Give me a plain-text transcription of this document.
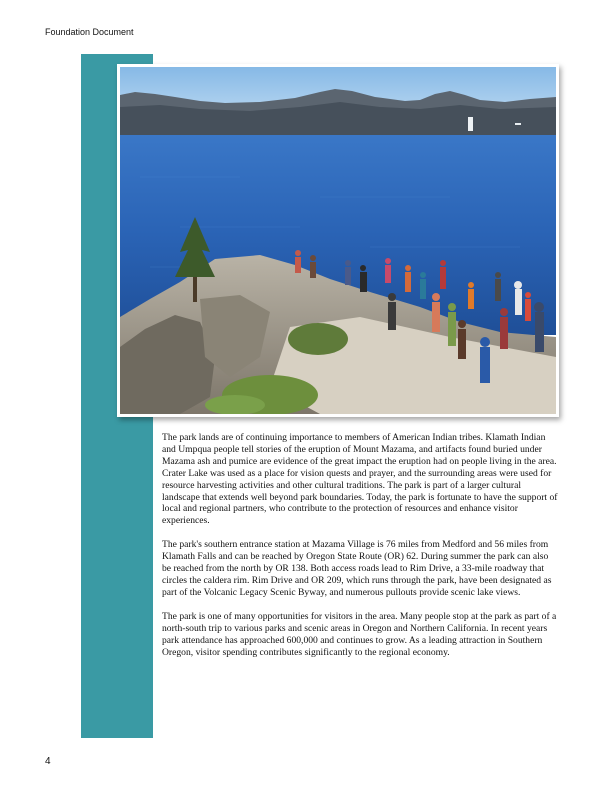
Foundation Document

The park lands are of continuing importance to members of American Indian tribes. Klamath Indian and Umpqua people tell stories of the eruption of Mount Mazama, and artifacts found buried under Mazama ash and pumice are evidence of the great impact the eruption had on people living in the area. Crater Lake was used as a place for vision quests and prayer, and the surrounding areas were used for resource harvesting activities and other cultural traditions. The park is part of a larger cultural landscape that extends well beyond park boundaries. Today, the park is fortunate to have the support of local and regional partners, who contribute to the protection of resources and enhance visitor experiences.

The park's southern entrance station at Mazama Village is 76 miles from Medford and 56 miles from Klamath Falls and can be reached by Oregon State Route (OR) 62. During summer the park can also be reached from the north by OR 138. Both access roads lead to Rim Drive, a 33-mile roadway that circles the caldera rim. Rim Drive and OR 209, which runs through the park, have been designated as part of the Volcanic Legacy Scenic Byway, and numerous pullouts provide scenic lake views.

The park is one of many opportunities for visitors in the area. Many people stop at the park as part of a north-south trip to various parks and scenic areas in Oregon and Northern California. In recent years park attendance has approached 600,000 and continues to grow. As a leading attraction in Southern Oregon, visitor spending contributes significantly to the regional economy.

4
